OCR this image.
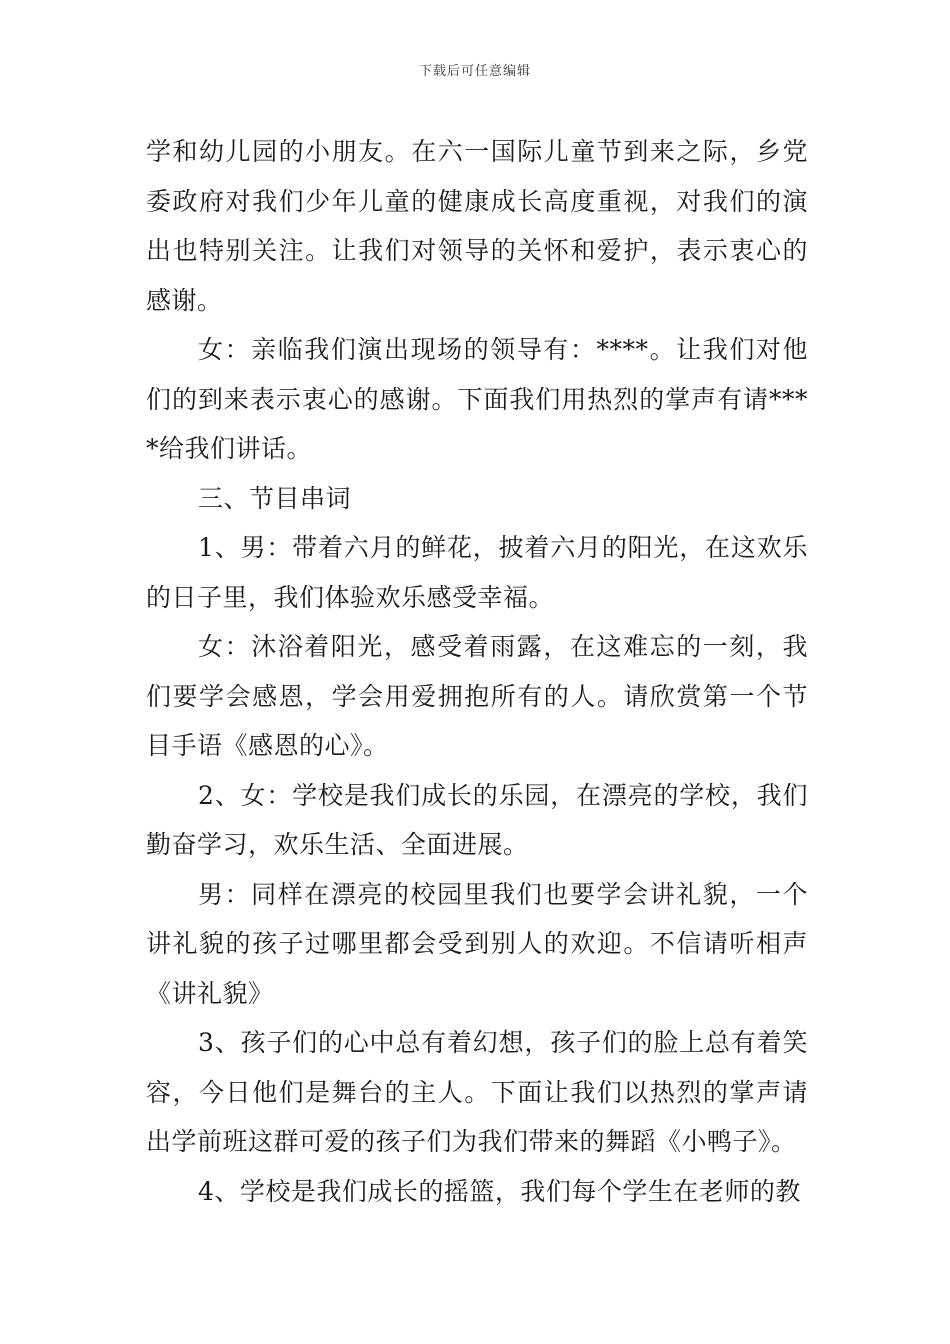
下载后可任意编辑

学和幼儿园的小朋友。在六一国际儿童节到来之际，乡党委政府对我们少年儿童的健康成长高度重视，对我们的演出也特别关注。让我们对领导的关怀和爱护，表示衷心的感谢。

女：亲临我们演出现场的领导有：****。让我们对他们的到来表示衷心的感谢。下面我们用热烈的掌声有请****给我们讲话。

三、节目串词

1、男：带着六月的鲜花，披着六月的阳光，在这欢乐的日子里，我们体验欢乐感受幸福。

女：沐浴着阳光，感受着雨露，在这难忘的一刻，我们要学会感恩，学会用爱拥抱所有的人。请欣赏第一个节目手语《感恩的心》。

2、女：学校是我们成长的乐园，在漂亮的学校，我们勤奋学习，欢乐生活、全面进展。

男：同样在漂亮的校园里我们也要学会讲礼貌，一个讲礼貌的孩子过哪里都会受到别人的欢迎。不信请听相声《讲礼貌》

3、孩子们的心中总有着幻想，孩子们的脸上总有着笑容，今日他们是舞台的主人。下面让我们以热烈的掌声请出学前班这群可爱的孩子们为我们带来的舞蹈《小鸭子》。

4、学校是我们成长的摇篮，我们每个学生在老师的教
